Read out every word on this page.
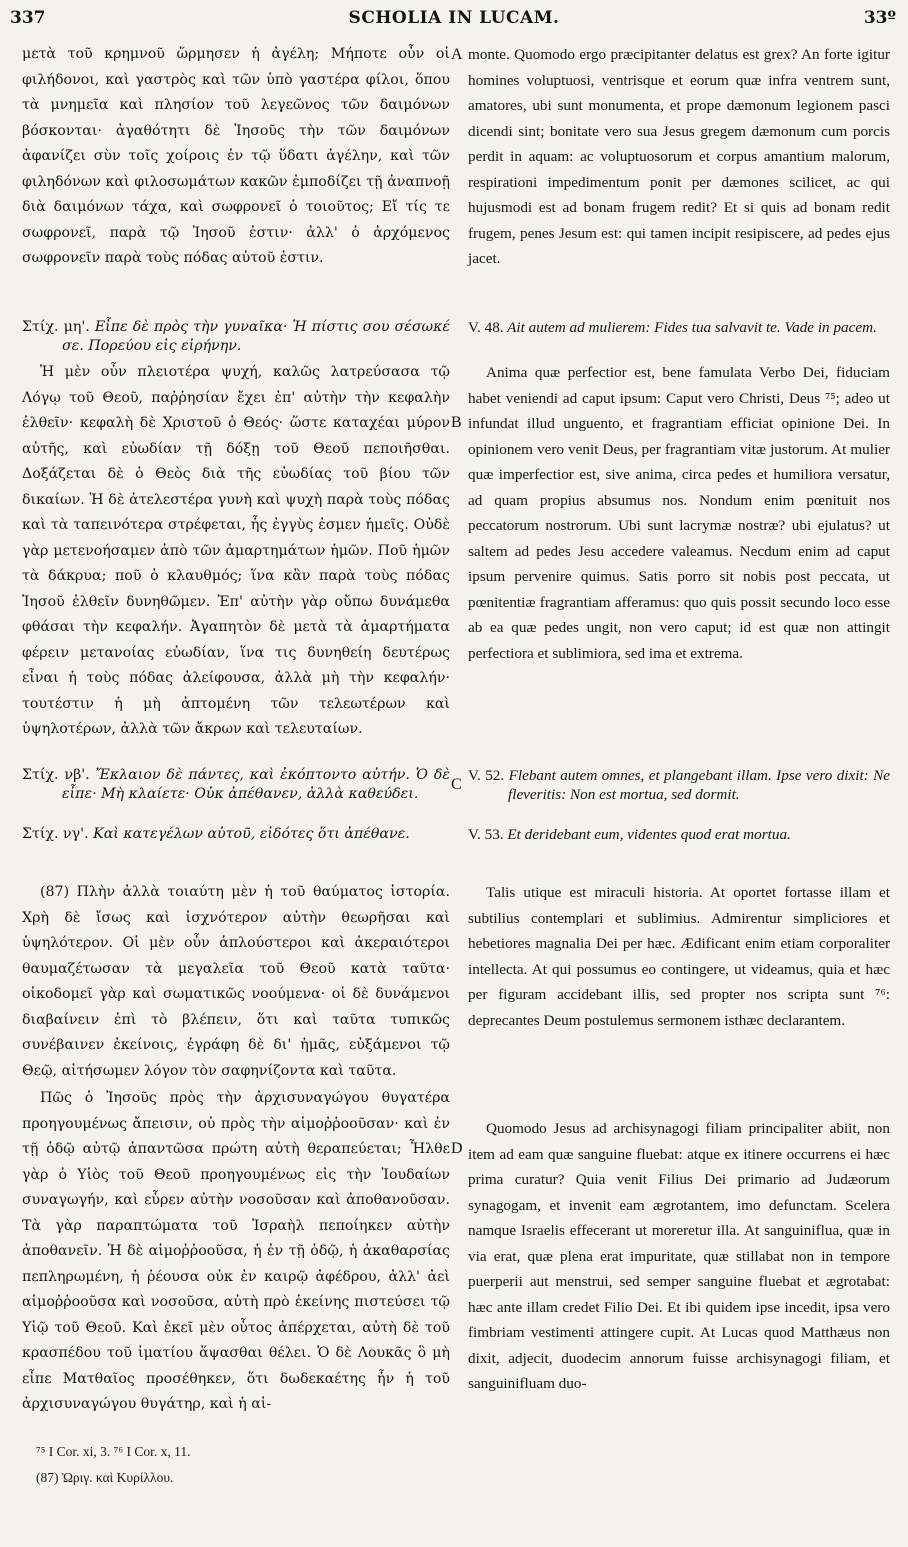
337	SCHOLIA IN LUCAM.	33º

μετὰ τοῦ κρημνοῦ ὥρμησεν ἡ ἀγέλη; Μήποτε οὖν οἱ φιλήδονοι, καὶ γαστρὸς καὶ τῶν ὑπὸ γαστέρα φίλοι, ὅπου τὰ μνημεῖα καὶ πλησίον τοῦ λεγεῶνος τῶν δαιμόνων βόσκονται· ἀγαθότητι δὲ Ἰησοῦς τὴν τῶν δαιμόνων ἀφανίζει σὺν τοῖς χοίροις ἐν τῷ ὕδατι ἀγέλην, καὶ τῶν φιληδόνων καὶ φιλοσωμάτων κακῶν ἐμποδίζει τῇ ἀναπνοῇ διὰ δαιμόνων τάχα, καὶ σωφρονεῖ ὁ τοιοῦτος; Εἴ τίς τε σωφρονεῖ, παρὰ τῷ Ἰησοῦ ἐστιν· ἀλλ' ὁ ἀρχόμενος σωφρονεῖν παρὰ τοὺς πόδας αὐτοῦ ἐστιν.

Στίχ. μη'. Εἶπε δὲ πρὸς τὴν γυναῖκα· Ἡ πίστις σου σέσωκέ σε. Πορεύου εἰς εἰρήνην.

Ἡ μὲν οὖν πλειοτέρα ψυχή, καλῶς λατρεύσασα τῷ Λόγῳ τοῦ Θεοῦ, παῤῥησίαν ἔχει ἐπ' αὐτὴν τὴν κεφαλὴν ἐλθεῖν· κεφαλὴ δὲ Χριστοῦ ὁ Θεός· ὥστε καταχέαι μύρον αὐτῆς, καὶ εὐωδίαν τῇ δόξῃ τοῦ Θεοῦ πεποιῆσθαι. Δοξάζεται δὲ ὁ Θεὸς διὰ τῆς εὐωδίας τοῦ βίου τῶν δικαίων. Ἡ δὲ ἀτελεστέρα γυνὴ καὶ ψυχὴ παρὰ τοὺς πόδας καὶ τὰ ταπεινότερα στρέφεται, ἧς ἐγγὺς ἐσμεν ἡμεῖς. Οὐδὲ γὰρ μετενοήσαμεν ἀπὸ τῶν ἁμαρτημάτων ἡμῶν. Ποῦ ἡμῶν τὰ δάκρυα; ποῦ ὁ κλαυθμός; ἵνα κἂν παρὰ τοὺς πόδας Ἰησοῦ ἐλθεῖν δυνηθῶμεν. Ἐπ' αὐτὴν γὰρ οὔπω δυνάμεθα φθάσαι τὴν κεφαλήν. Ἀγαπητὸν δὲ μετὰ τὰ ἁμαρτήματα φέρειν μετανοίας εὐωδίαν, ἵνα τις δυνηθείη δευτέρως εἶναι ἡ τοὺς πόδας ἀλείφουσα, ἀλλὰ μὴ τὴν κεφαλήν· τουτέστιν ἡ μὴ ἁπτομένη τῶν τελεωτέρων καὶ ὑψηλοτέρων, ἀλλὰ τῶν ἄκρων καὶ τελευταίων.

Στίχ. νβ'. Ἔκλαιον δὲ πάντες, καὶ ἐκόπτοντο αὐτήν. Ὁ δὲ εἶπε· Μὴ κλαίετε· Οὐκ ἀπέθανεν, ἀλλὰ καθεύδει.

Στίχ. νγ'. Καὶ κατεγέλων αὐτοῦ, εἰδότες ὅτι ἀπέθανε.

(87) Πλὴν ἀλλὰ τοιαύτη μὲν ἡ τοῦ θαύματος ἱστορία. Χρὴ δὲ ἴσως καὶ ἰσχνότερον αὐτὴν θεωρῆσαι καὶ ὑψηλότερον. Οἱ μὲν οὖν ἁπλούστεροι καὶ ἀκεραιότεροι θαυμαζέτωσαν τὰ μεγαλεῖα τοῦ Θεοῦ κατὰ ταῦτα· οἰκοδομεῖ γὰρ καὶ σωματικῶς νοούμενα· οἱ δὲ δυνάμενοι διαβαίνειν ἐπὶ τὸ βλέπειν, ὅτι καὶ ταῦτα τυπικῶς συνέβαινεν ἐκείνοις, ἐγράφη δὲ δι' ἡμᾶς, εὐξάμενοι τῷ Θεῷ, αἰτήσωμεν λόγον τὸν σαφηνίζοντα καὶ ταῦτα.

Πῶς ὁ Ἰησοῦς πρὸς τὴν ἀρχισυναγώγου θυγατέρα προηγουμένως ἄπεισιν, οὐ πρὸς τὴν αἱμοῤῥοοῦσαν· καὶ ἐν τῇ ὁδῷ αὐτῷ ἀπαντῶσα πρώτη αὐτὴ θεραπεύεται; Ἦλθε γὰρ ὁ Υἱὸς τοῦ Θεοῦ προηγουμένως εἰς τὴν Ἰουδαίων συναγωγήν, καὶ εὗρεν αὐτὴν νοσοῦσαν καὶ ἀποθανοῦσαν. Τὰ γὰρ παραπτώματα τοῦ Ἰσραὴλ πεποίηκεν αὐτὴν ἀποθανεῖν. Ἡ δὲ αἱμοῤῥοοῦσα, ἡ ἐν τῇ ὁδῷ, ἡ ἀκαθαρσίας πεπληρωμένη, ἡ ῥέουσα οὐκ ἐν καιρῷ ἀφέδρου, ἀλλ' ἀεὶ αἱμοῤῥοοῦσα καὶ νοσοῦσα, αὐτὴ πρὸ ἐκείνης πιστεύσει τῷ Υἱῷ τοῦ Θεοῦ. Καὶ ἐκεῖ μὲν οὗτος ἀπέρχεται, αὐτὴ δὲ τοῦ κρασπέδου τοῦ ἱματίου ἅψασθαι θέλει. Ὁ δὲ Λουκᾶς ὃ μὴ εἶπε Ματθαῖος προσέθηκεν, ὅτι δωδεκαέτης ἦν ἡ τοῦ ἀρχισυναγώγου θυγάτηρ, καὶ ἡ αἱ-

⁷⁵ I Cor. xi, 3. ⁷⁶ I Cor. x, 11.
(87) Ὠριγ. καὶ Κυρίλλου.
A
B
C
D

monte. Quomodo ergo præcipitanter delatus est grex? An forte igitur homines voluptuosi, ventrisque et eorum quæ infra ventrem sunt, amatores, ubi sunt monumenta, et prope dæmonum legionem pasci dicendi sint; bonitate vero sua Jesus gregem dæmonum cum porcis perdit in aquam: ac voluptuosorum et corpus amantium malorum, respirationi impedimentum ponit per dæmones scilicet, ac qui hujusmodi est ad bonam frugem redit? Et si quis ad bonam redit frugem, penes Jesum est: qui tamen incipit resipiscere, ad pedes ejus jacet.

V. 48. Ait autem ad mulierem: Fides tua salvavit te. Vade in pacem.

Anima quæ perfectior est, bene famulata Verbo Dei, fiduciam habet veniendi ad caput ipsum: Caput vero Christi, Deus ⁷⁵; adeo ut infundat illud unguento, et fragrantiam efficiat opinione Dei. In opinionem vero venit Deus, per fragrantiam vitæ justorum. At mulier quæ imperfectior est, sive anima, circa pedes et humiliora versatur, ad quam propius absumus nos. Nondum enim pœnituit nos peccatorum nostrorum. Ubi sunt lacrymæ nostræ? ubi ejulatus? ut saltem ad pedes Jesu accedere valeamus. Necdum enim ad caput ipsum pervenire quimus. Satis porro sit nobis post peccata, ut pœnitentiæ fragrantiam afferamus: quo quis possit secundo loco esse ab ea quæ pedes ungit, non vero caput; id est quæ non attingit perfectiora et sublimiora, sed ima et extrema.

V. 52. Flebant autem omnes, et plangebant illam. Ipse vero dixit: Ne fleveritis: Non est mortua, sed dormit.

V. 53. Et deridebant eum, videntes quod erat mortua.

Talis utique est miraculi historia. At oportet fortasse illam et subtilius contemplari et sublimius. Admirentur simpliciores et hebetiores magnalia Dei per hæc. Ædificant enim etiam corporaliter intellecta. At qui possumus eo contingere, ut videamus, quia et hæc per figuram accidebant illis, sed propter nos scripta sunt ⁷⁶: deprecantes Deum postulemus sermonem isthæc declarantem.

Quomodo Jesus ad archisynagogi filiam principaliter abiit, non item ad eam quæ sanguine fluebat: atque ex itinere occurrens ei hæc prima curatur? Quia venit Filius Dei primario ad Judæorum synagogam, et invenit eam ægrotantem, imo defunctam. Scelera namque Israelis effecerant ut moreretur illa. At sanguinifluа, quæ in via erat, quæ plena erat impuritate, quæ stillabat non in tempore puerperii aut menstrui, sed semper sanguine fluebat et ægrotabat: hæc ante illam credet Filio Dei. Et ibi quidem ipse incedit, ipsa vero fimbriam vestimenti attingere cupit. At Lucas quod Matthæus non dixit, adjecit, duodecim annorum fuisse archisynagogi filiam, et sanguinifluam duo-
